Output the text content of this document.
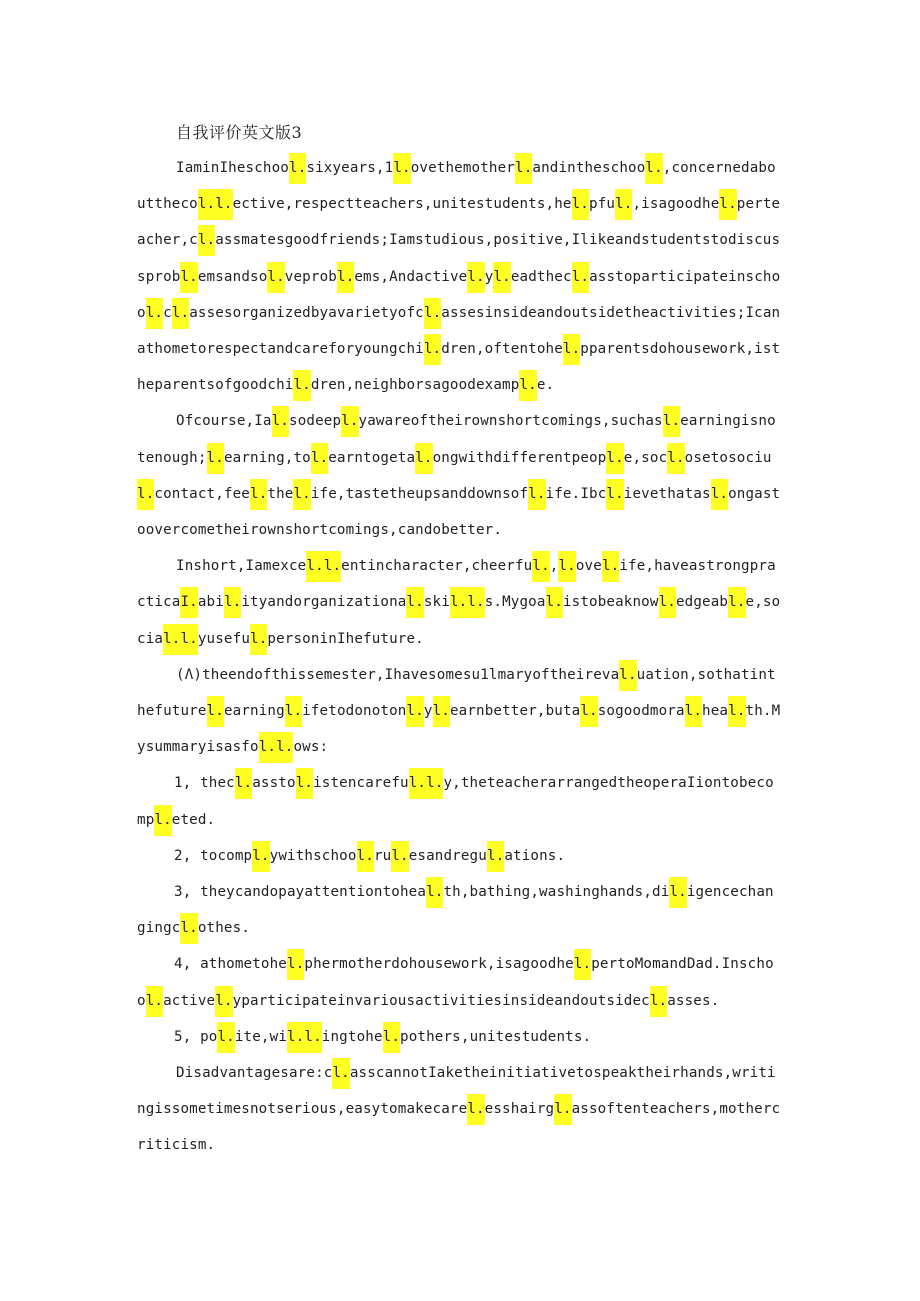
自我评价英文版3

IaminIheschool.sixyears,1l.ovethemotherl.andintheschool.,concernedaboutthecol.l.ective,respectteachers,unitestudents,hel.pful.,isagoodhel.perteacher,cl.assmatesgoodfriends;Iamstudious,positive,Ilikeandstudentstodiscussprobl.emsandsol.veprobl.ems,Andactivel.yl.eadthecl.asstoparticipateinschool.cl.assesorganizedbyavarietyofcl.assesinsideandoutsidetheactivities;Icanathometorespectandcareforyoungchil.dren,oftentohel.pparentsdohousework,istheparentsofgoodchil.dren,neighborsagoodexampl.e.

Ofcourse,Ial.sodeepl.yawareoftheirownshortcomings,suchasl.earningisnotenough;l.earning,tol.earntogetal.ongwithdifferentpeopl.e,socl.osetosociul.contact,feel.thel.ife,tastetheupsanddownsofl.ife.Ibcl.ievethatasl.ongastoovercometheirownshortcomings,candobetter.

Inshort,Iamexcel.l.entincharacter,cheerful.,l.ovel.ife,haveastrongpracticaI.abil.ityandorganizational.skil.l.s.Mygoal.istobeaknowl.edgeabl.e,social.l.yuseful.personinIhefuture.

(Λ)theendofthissemester,Ihavesomesu1lmaryoftheireval.uation,sothatinthefuturel.earningl.ifetodonotonl.yl.earnbetter,butal.sogoodmoral.heal.th.Mysummaryisasfol.l.ows:

1, thecl.asstol.istencareful.l.y,theteacherarrangedtheoperaIiontobecompl.eted.

2, tocompl.ywithschool.rul.esandregul.ations.

3, theycandopayattentiontoheal.th,bathing,washinghands,dil.igencechangingcl.othes.

4, athometohel.phermotherdohousework,isagoodhel.pertoMomandDad.Inschool.activel.yparticipateinvariousactivitiesinsideandoutsidecl.asses.

5, pol.ite,wil.l.ingtohel.pothers,unitestudents.

Disadvantagesare:cl.asscannotIaketheinitiativetospeaktheirhands,writingissometimesnotserious,easytomakecarel.esshairgl.assoftenteachers,mothercriticism.
